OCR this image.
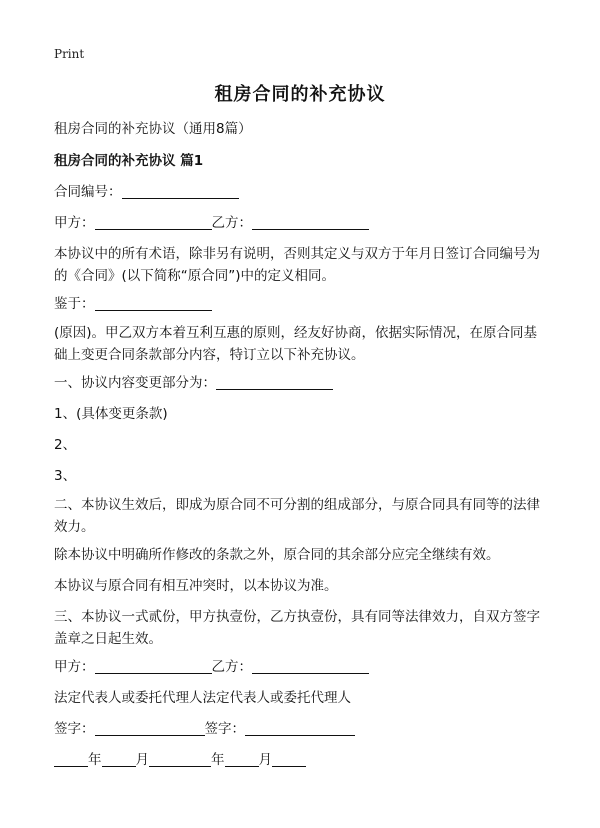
Print
租房合同的补充协议
租房合同的补充协议（通用8篇）
租房合同的补充协议 篇1
合同编号：
甲方：	乙方：
本协议中的所有术语，除非另有说明，否则其定义与双方于年月日签订合同编号为的《合同》(以下简称“原合同”)中的定义相同。
鉴于：
(原因)。甲乙双方本着互利互惠的原则，经友好协商，依据实际情况，在原合同基础上变更合同条款部分内容，特订立以下补充协议。
一、协议内容变更部分为：
1、(具体变更条款)
2、
3、
二、本协议生效后，即成为原合同不可分割的组成部分，与原合同具有同等的法律效力。
除本协议中明确所作修改的条款之外，原合同的其余部分应完全继续有效。
本协议与原合同有相互冲突时，以本协议为准。
三、本协议一式贰份，甲方执壹份，乙方执壹份，具有同等法律效力，自双方签字盖章之日起生效。
甲方：	乙方：
法定代表人或委托代理人法定代表人或委托代理人
签字：	签字：
年	月	年	月
